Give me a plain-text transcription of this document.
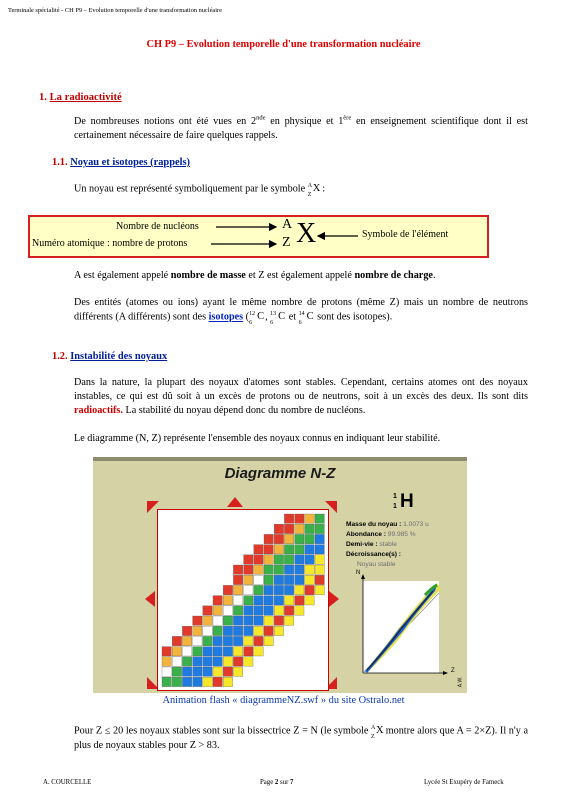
Terminale spécialité - CH P9 – Evolution temporelle d'une transformation nucléaire
CH P9 – Evolution temporelle d'une transformation nucléaire
1. La radioactivité
De nombreuses notions ont été vues en 2nde en physique et 1ère en enseignement scientifique dont il est certainement nécessaire de faire quelques rappels.
1.1. Noyau et isotopes (rappels)
Un noyau est représenté symboliquement par le symbole A
Z
X :
Nombre de nucléons
Numéro atomique : nombre de protons
Symbole de l'élément
A
Z X
A est également appelé nombre de masse et Z est également appelé nombre de charge.
Des entités (atomes ou ions) ayant le même nombre de protons (même Z) mais un nombre de neutrons différents (A différents) sont des isotopes ( 12
6
C , 13
6
C et 14
6
C sont des isotopes).
1.2. Instabilité des noyaux
Dans la nature, la plupart des noyaux d'atomes sont stables. Cependant, certains atomes ont des noyaux instables, ce qui est dû soit à un excès de protons ou de neutrons, soit à un excès des deux. Ils sont dits radioactifs. La stabilité du noyau dépend donc du nombre de nucléons.
Le diagramme (N, Z) représente l'ensemble des noyaux connus en indiquant leur stabilité.
Diagramme N-Z
1
1 H
Masse du noyau : 1.0073 u
Abondance : 99.985 %
Demi-vie : stable
Décroissance(s) :
Noyau stable
N
Z
A.W.
Animation flash « diagrammeNZ.swf » du site Ostralo.net
Pour Z ≤ 20 les noyaux stables sont sur la bissectrice Z = N (le symbole A
Z
X montre alors que A = 2×Z). Il n'y a plus de noyaux stables pour Z > 83.
A. COURCELLE	Page 2 sur 7	Lycée St Exupéry de Fameck
